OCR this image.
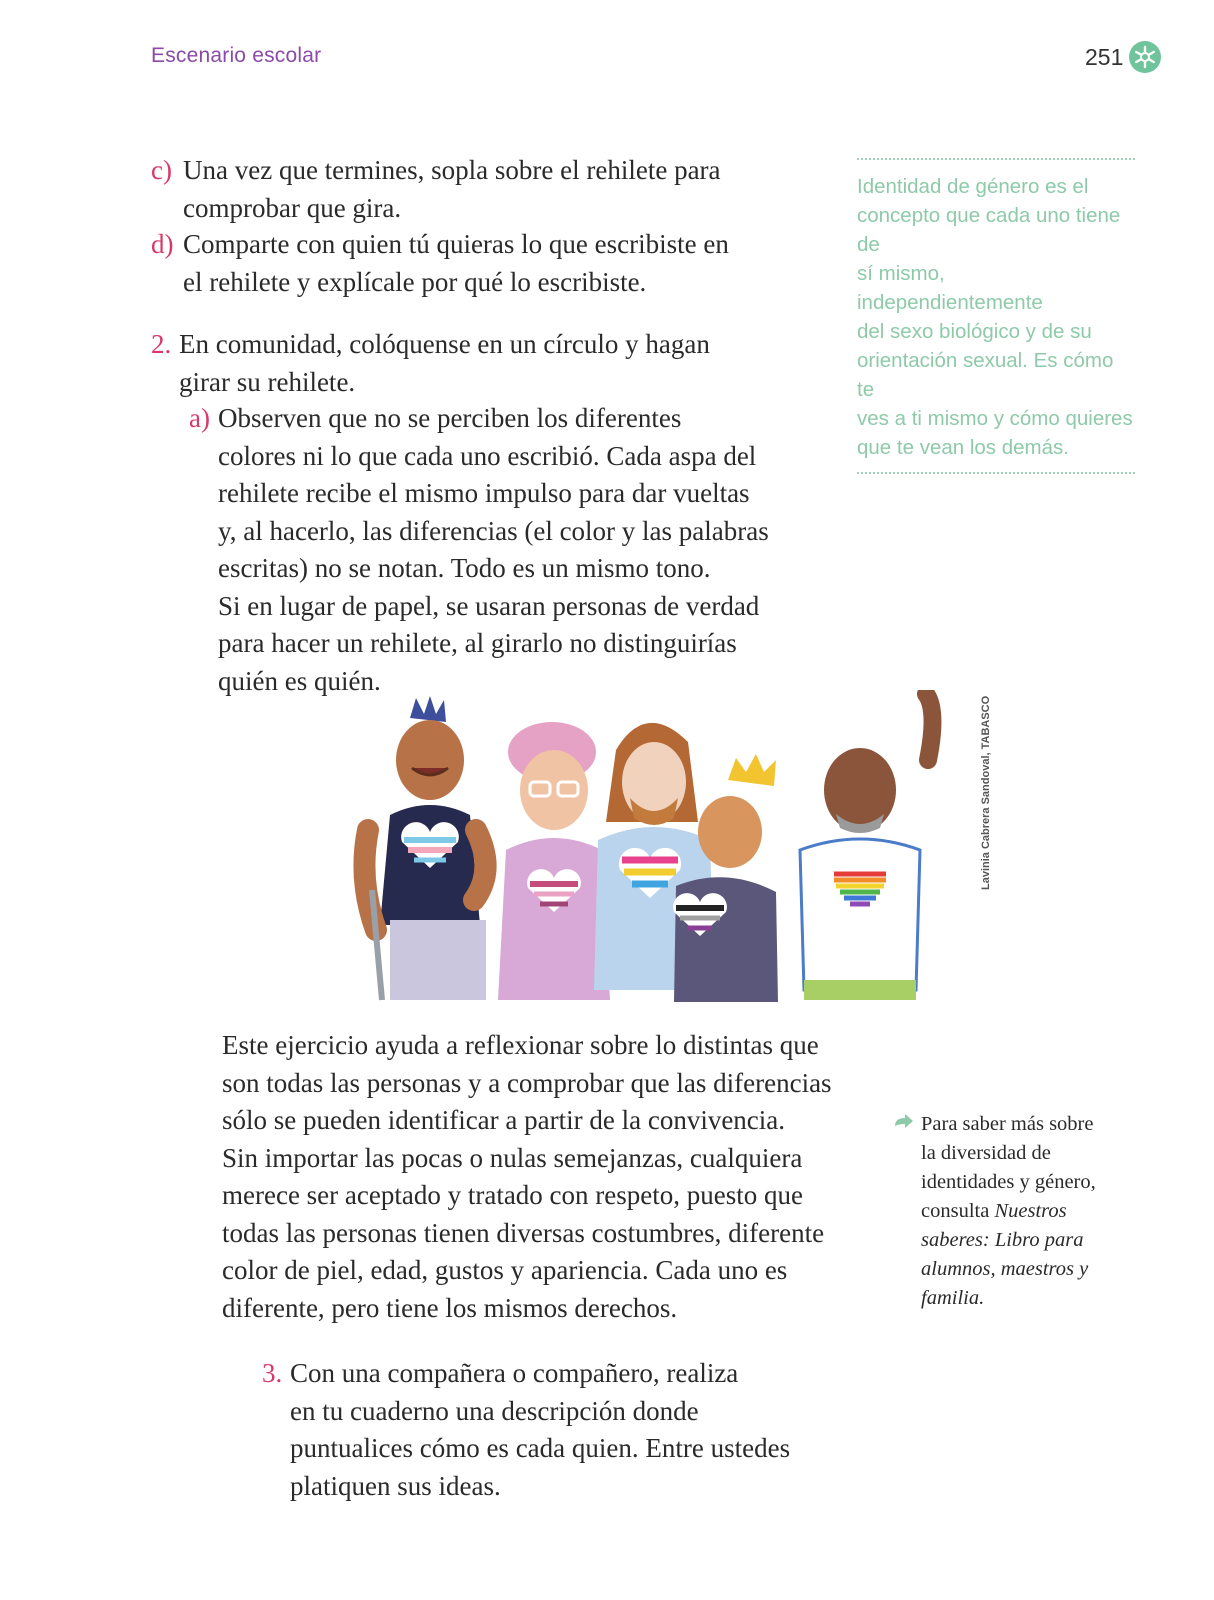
Escenario escolar	251
c) Una vez que termines, sopla sobre el rehilete para
comprobar que gira.
d) Comparte con quien tú quieras lo que escribiste en
el rehilete y explícale por qué lo escribiste.
2. En comunidad, colóquense en un círculo y hagan
girar su rehilete.
a) Observen que no se perciben los diferentes
colores ni lo que cada uno escribió. Cada aspa del
rehilete recibe el mismo impulso para dar vueltas
y, al hacerlo, las diferencias (el color y las palabras
escritas) no se notan. Todo es un mismo tono.
Si en lugar de papel, se usaran personas de verdad
para hacer un rehilete, al girarlo no distinguirías
quién es quién.

Identidad de género es el

concepto que cada uno tiene de

sí mismo, independientemente

del sexo biológico y de su

orientación sexual. Es cómo te

ves a ti mismo y cómo quieres

que te vean los demás.

Lavinia Cabrera Sandoval, TABASCO
Este ejercicio ayuda a reflexionar sobre lo distintas que
son todas las personas y a comprobar que las diferencias
sólo se pueden identificar a partir de la convivencia.
Sin importar las pocas o nulas semejanzas, cualquiera
merece ser aceptado y tratado con respeto, puesto que
todas las personas tienen diversas costumbres, diferente
color de piel, edad, gustos y apariencia. Cada uno es
diferente, pero tiene los mismos derechos.
Para saber más sobre
la diversidad de
identidades y género,
consulta Nuestros
saberes: Libro para
alumnos, maestros y
familia.
3. Con una compañera o compañero, realiza
en tu cuaderno una descripción donde
puntualices cómo es cada quien. Entre ustedes
platiquen sus ideas.
